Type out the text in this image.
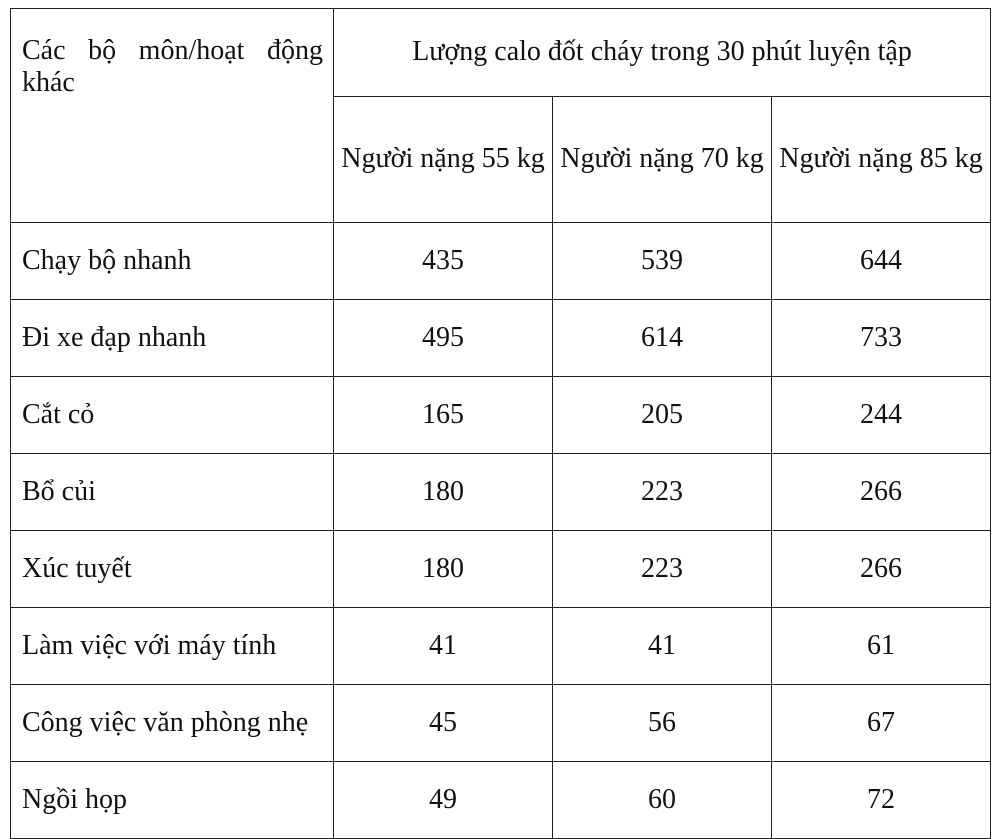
Các bộ môn/hoạt động khác	Lượng calo đốt cháy trong 30 phút luyện tập		
	Người nặng 55 kg	Người nặng 70 kg	Người nặng 85 kg
Chạy bộ nhanh	435	539	644
Đi xe đạp nhanh	495	614	733
Cắt cỏ	165	205	244
Bổ củi	180	223	266
Xúc tuyết	180	223	266
Làm việc với máy tính	41	41	61
Công việc văn phòng nhẹ	45	56	67
Ngồi họp	49	60	72
